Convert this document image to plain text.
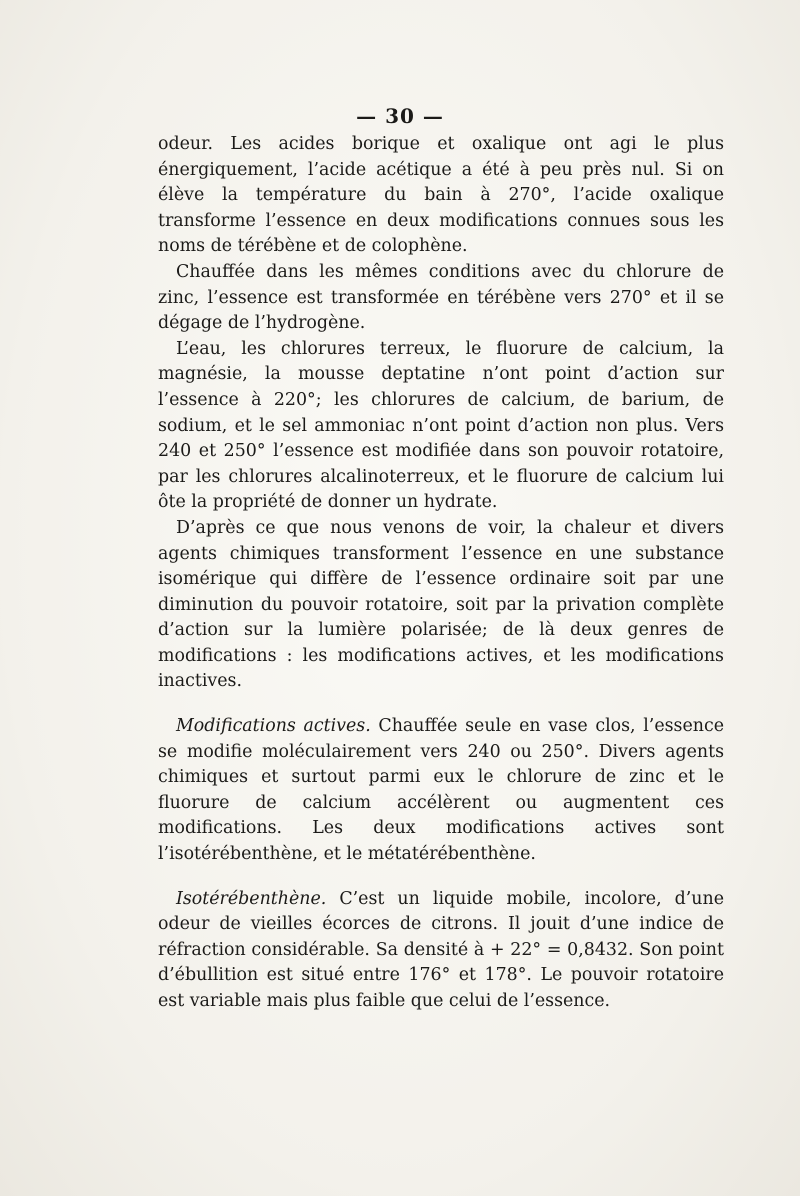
— 30 —

odeur. Les acides borique et oxalique ont agi le plus énergiquement, l’acide acétique a été à peu près nul. Si on élève la température du bain à 270°, l’acide oxalique transforme l’essence en deux modifications connues sous les noms de térébène et de colophène.

Chauffée dans les mêmes conditions avec du chlorure de zinc, l’essence est transformée en térébène vers 270° et il se dégage de l’hydrogène.

L’eau, les chlorures terreux, le fluorure de calcium, la magnésie, la mousse deptatine n’ont point d’action sur l’essence à 220°; les chlorures de calcium, de barium, de sodium, et le sel ammoniac n’ont point d’action non plus. Vers 240 et 250° l’essence est modifiée dans son pouvoir rotatoire, par les chlorures alcalinoterreux, et le fluorure de calcium lui ôte la propriété de donner un hydrate.

D’après ce que nous venons de voir, la chaleur et divers agents chimiques transforment l’essence en une substance isomérique qui diffère de l’essence ordinaire soit par une diminution du pouvoir rotatoire, soit par la privation complète d’action sur la lumière polarisée; de là deux genres de modifications : les modifications actives, et les modifications inactives.

Modifications actives. Chauffée seule en vase clos, l’essence se modifie moléculairement vers 240 ou 250°. Divers agents chimiques et surtout parmi eux le chlorure de zinc et le fluorure de calcium accélèrent ou augmentent ces modifications. Les deux modifications actives sont l’isotérébenthène, et le métatérébenthène.

Isotérébenthène. C’est un liquide mobile, incolore, d’une odeur de vieilles écorces de citrons. Il jouit d’une indice de réfraction considérable. Sa densité à + 22° = 0,8432. Son point d’ébullition est situé entre 176° et 178°. Le pouvoir rotatoire est variable mais plus faible que celui de l’essence.
